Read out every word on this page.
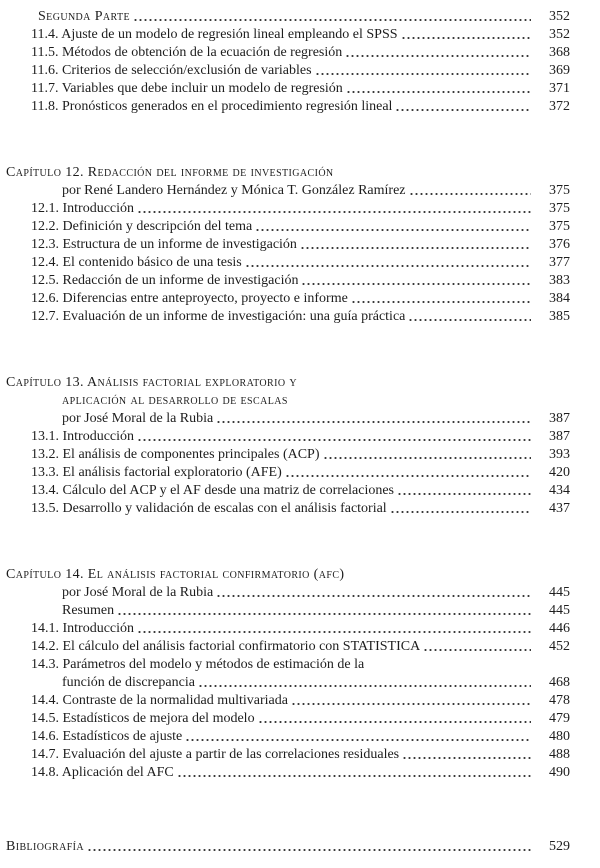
Segunda Parte	352
11.4. Ajuste de un modelo de regresión lineal empleando el SPSS	352
11.5. Métodos de obtención de la ecuación de regresión	368
11.6. Criterios de selección/exclusión de variables	369
11.7. Variables que debe incluir un modelo de regresión	371
11.8. Pronósticos generados en el procedimiento regresión lineal	372
Capítulo 12. Redacción del informe de investigación
por René Landero Hernández y Mónica T. González Ramírez	375
12.1. Introducción	375
12.2. Definición y descripción del tema	375
12.3. Estructura de un informe de investigación	376
12.4. El contenido básico de una tesis	377
12.5. Redacción de un informe de investigación	383
12.6. Diferencias entre anteproyecto, proyecto e informe	384
12.7. Evaluación de un informe de investigación: una guía práctica	385
Capítulo 13. Análisis factorial exploratorio y
aplicación al desarrollo de escalas
por José Moral de la Rubia	387
13.1. Introducción	387
13.2. El análisis de componentes principales (ACP)	393
13.3. El análisis factorial exploratorio (AFE)	420
13.4. Cálculo del ACP y el AF desde una matriz de correlaciones	434
13.5. Desarrollo y validación de escalas con el análisis factorial	437
Capítulo 14. El análisis factorial confirmatorio (afc)
por José Moral de la Rubia	445
Resumen	445
14.1. Introducción	446
14.2. El cálculo del análisis factorial confirmatorio con STATISTICA	452
14.3. Parámetros del modelo y métodos de estimación de la
función de discrepancia	468
14.4. Contraste de la normalidad multivariada	478
14.5. Estadísticos de mejora del modelo	479
14.6. Estadísticos de ajuste	480
14.7. Evaluación del ajuste a partir de las correlaciones residuales	488
14.8. Aplicación del AFC	490
Bibliografía	529
